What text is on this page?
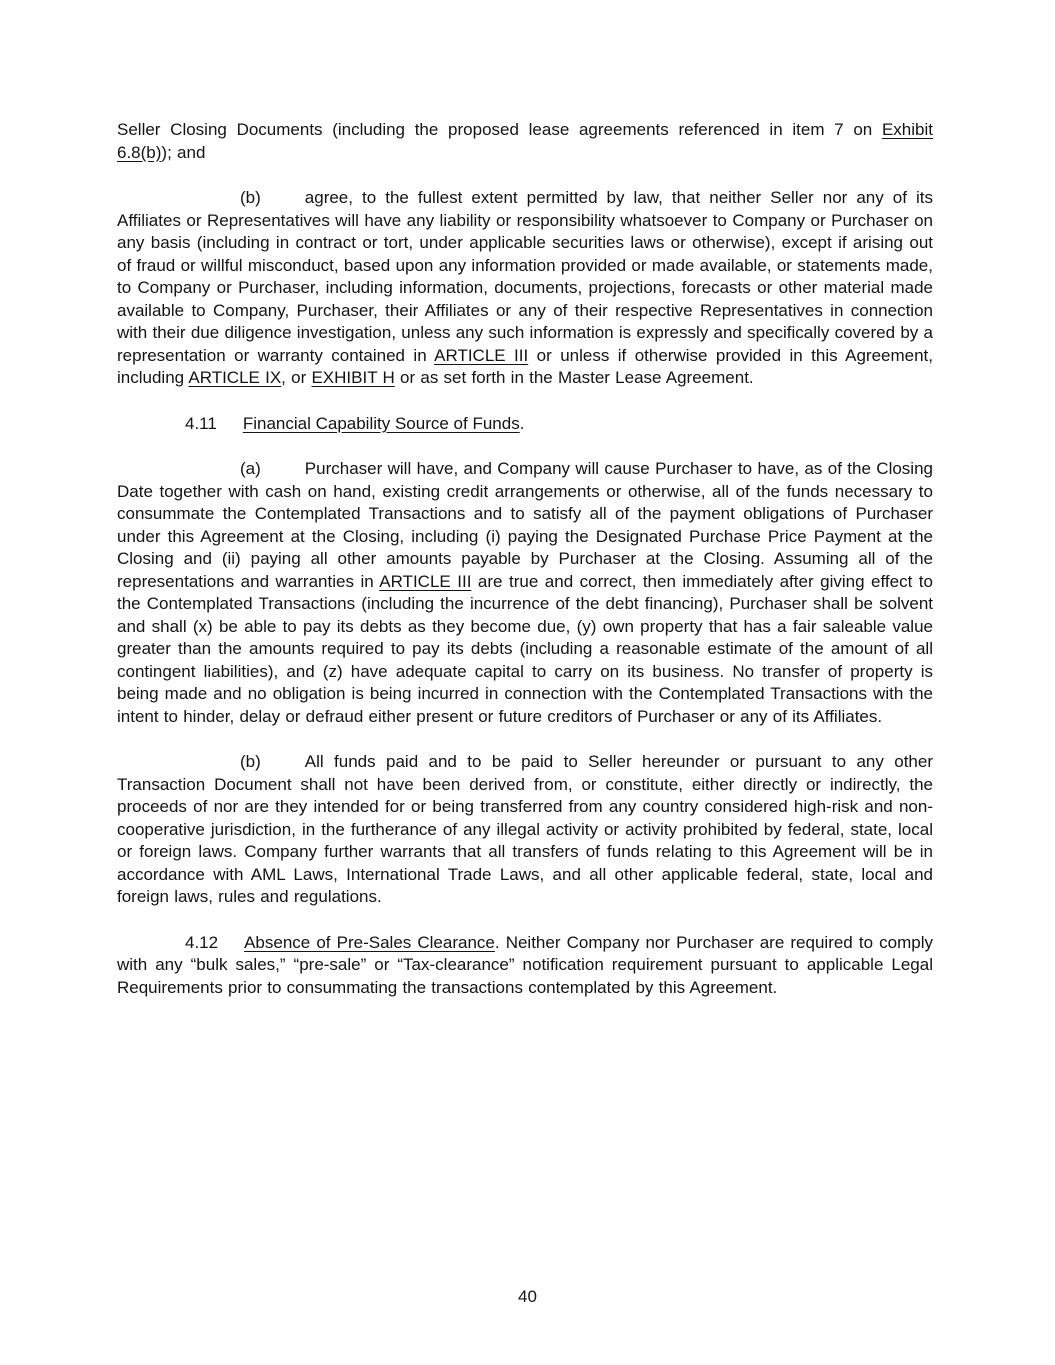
Seller Closing Documents (including the proposed lease agreements referenced in item 7 on Exhibit 6.8(b)); and

(b)	agree, to the fullest extent permitted by law, that neither Seller nor any of its Affiliates or Representatives will have any liability or responsibility whatsoever to Company or Purchaser on any basis (including in contract or tort, under applicable securities laws or otherwise), except if arising out of fraud or willful misconduct, based upon any information provided or made available, or statements made, to Company or Purchaser, including information, documents, projections, forecasts or other material made available to Company, Purchaser, their Affiliates or any of their respective Representatives in connection with their due diligence investigation, unless any such information is expressly and specifically covered by a representation or warranty contained in ARTICLE III or unless if otherwise provided in this Agreement, including ARTICLE IX, or EXHIBIT H or as set forth in the Master Lease Agreement.

4.11 Financial Capability Source of Funds.

(a)	Purchaser will have, and Company will cause Purchaser to have, as of the Closing Date together with cash on hand, existing credit arrangements or otherwise, all of the funds necessary to consummate the Contemplated Transactions and to satisfy all of the payment obligations of Purchaser under this Agreement at the Closing, including (i) paying the Designated Purchase Price Payment at the Closing and (ii) paying all other amounts payable by Purchaser at the Closing. Assuming all of the representations and warranties in ARTICLE III are true and correct, then immediately after giving effect to the Contemplated Transactions (including the incurrence of the debt financing), Purchaser shall be solvent and shall (x) be able to pay its debts as they become due, (y) own property that has a fair saleable value greater than the amounts required to pay its debts (including a reasonable estimate of the amount of all contingent liabilities), and (z) have adequate capital to carry on its business. No transfer of property is being made and no obligation is being incurred in connection with the Contemplated Transactions with the intent to hinder, delay or defraud either present or future creditors of Purchaser or any of its Affiliates.

(b)	All funds paid and to be paid to Seller hereunder or pursuant to any other Transaction Document shall not have been derived from, or constitute, either directly or indirectly, the proceeds of nor are they intended for or being transferred from any country considered high-risk and non-cooperative jurisdiction, in the furtherance of any illegal activity or activity prohibited by federal, state, local or foreign laws. Company further warrants that all transfers of funds relating to this Agreement will be in accordance with AML Laws, International Trade Laws, and all other applicable federal, state, local and foreign laws, rules and regulations.

4.12 Absence of Pre-Sales Clearance. Neither Company nor Purchaser are required to comply with any “bulk sales,” “pre-sale” or “Tax-clearance” notification requirement pursuant to applicable Legal Requirements prior to consummating the transactions contemplated by this Agreement.

40
